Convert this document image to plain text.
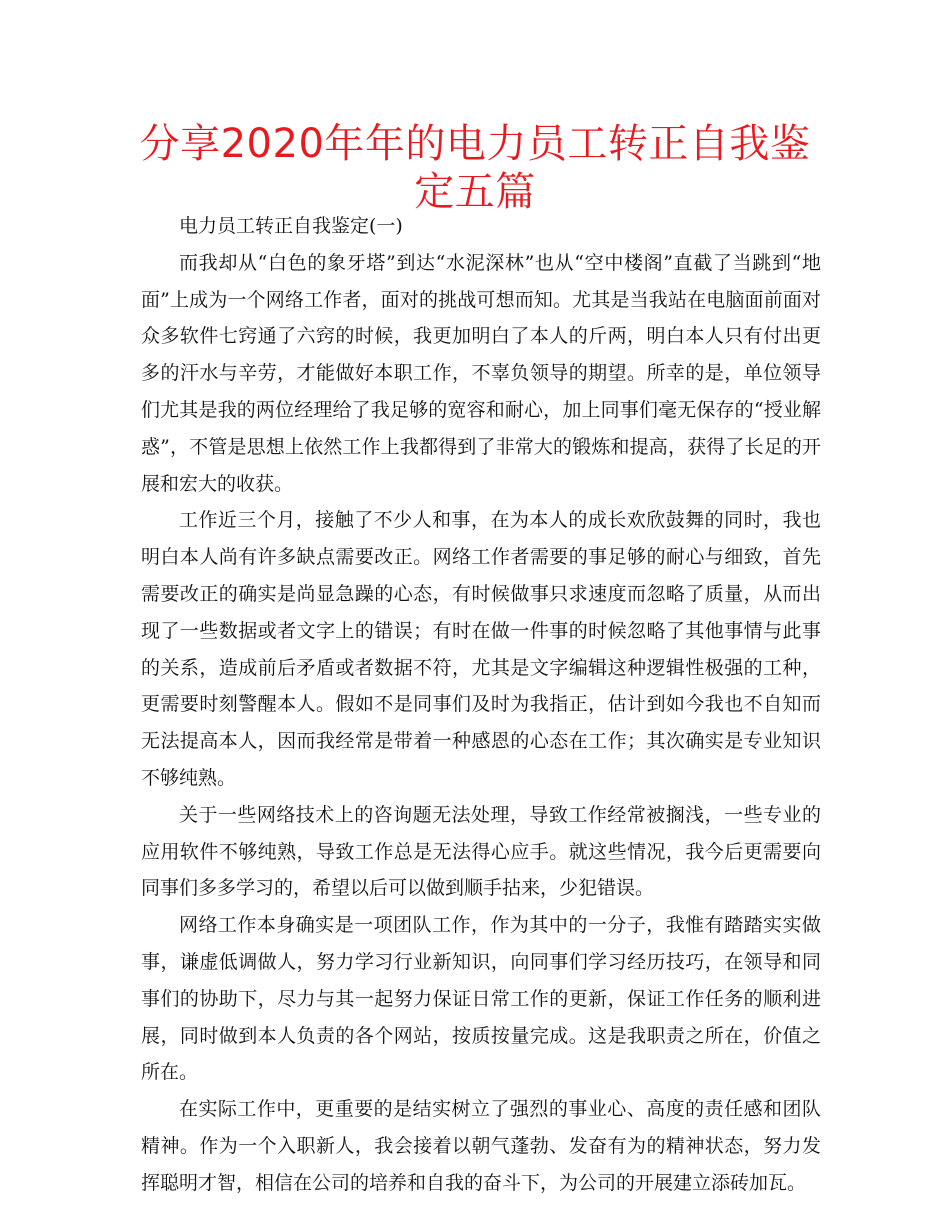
分享2020年年的电力员工转正自我鉴定五篇

电力员工转正自我鉴定(一)

而我却从“白色的象牙塔”到达“水泥深林”也从“空中楼阁”直截了当跳到“地面”上成为一个网络工作者，面对的挑战可想而知。尤其是当我站在电脑面前面对众多软件七窍通了六窍的时候，我更加明白了本人的斤两，明白本人只有付出更多的汗水与辛劳，才能做好本职工作，不辜负领导的期望。所幸的是，单位领导们尤其是我的两位经理给了我足够的宽容和耐心，加上同事们毫无保存的“授业解惑”，不管是思想上依然工作上我都得到了非常大的锻炼和提高，获得了长足的开展和宏大的收获。

工作近三个月，接触了不少人和事，在为本人的成长欢欣鼓舞的同时，我也明白本人尚有许多缺点需要改正。网络工作者需要的事足够的耐心与细致，首先需要改正的确实是尚显急躁的心态，有时候做事只求速度而忽略了质量，从而出现了一些数据或者文字上的错误；有时在做一件事的时候忽略了其他事情与此事的关系，造成前后矛盾或者数据不符，尤其是文字编辑这种逻辑性极强的工种，更需要时刻警醒本人。假如不是同事们及时为我指正，估计到如今我也不自知而无法提高本人，因而我经常是带着一种感恩的心态在工作；其次确实是专业知识不够纯熟。

关于一些网络技术上的咨询题无法处理，导致工作经常被搁浅，一些专业的应用软件不够纯熟，导致工作总是无法得心应手。就这些情况，我今后更需要向同事们多多学习的，希望以后可以做到顺手拈来，少犯错误。

网络工作本身确实是一项团队工作，作为其中的一分子，我惟有踏踏实实做事，谦虚低调做人，努力学习行业新知识，向同事们学习经历技巧，在领导和同事们的协助下，尽力与其一起努力保证日常工作的更新，保证工作任务的顺利进展，同时做到本人负责的各个网站，按质按量完成。这是我职责之所在，价值之所在。

在实际工作中，更重要的是结实树立了强烈的事业心、高度的责任感和团队精神。作为一个入职新人，我会接着以朝气蓬勃、发奋有为的精神状态，努力发挥聪明才智，相信在公司的培养和自我的奋斗下，为公司的开展建立添砖加瓦。
